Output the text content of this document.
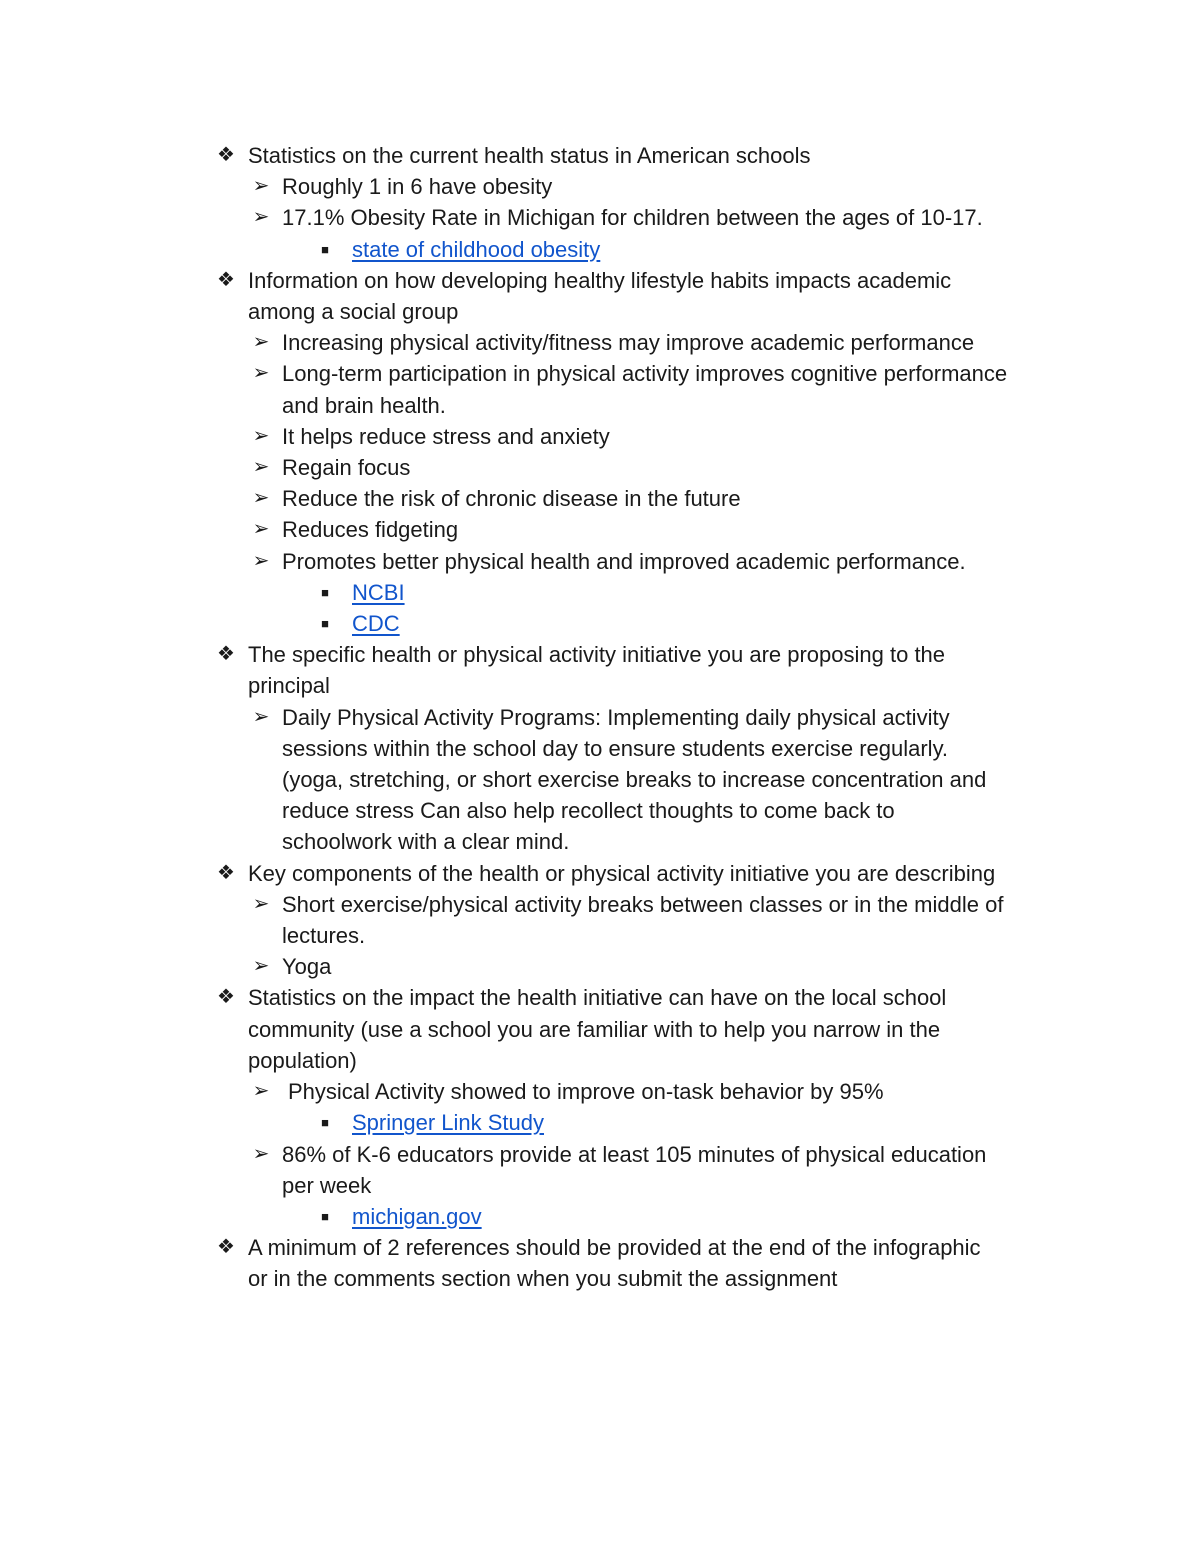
❖ Statistics on the current health status in American schools
➢ Roughly 1 in 6 have obesity
➢ 17.1% Obesity Rate in Michigan for children between the ages of 10-17.
■ state of childhood obesity
❖ Information on how developing healthy lifestyle habits impacts academic
among a social group
➢ Increasing physical activity/fitness may improve academic performance
➢ Long-term participation in physical activity improves cognitive performance
and brain health.
➢ It helps reduce stress and anxiety
➢ Regain focus
➢ Reduce the risk of chronic disease in the future
➢ Reduces fidgeting
➢ Promotes better physical health and improved academic performance.
■ NCBI
■ CDC
❖ The specific health or physical activity initiative you are proposing to the
principal
➢ Daily Physical Activity Programs: Implementing daily physical activity
sessions within the school day to ensure students exercise regularly.
(yoga, stretching, or short exercise breaks to increase concentration and
reduce stress Can also help recollect thoughts to come back to
schoolwork with a clear mind.
❖ Key components of the health or physical activity initiative you are describing
➢ Short exercise/physical activity breaks between classes or in the middle of
lectures.
➢ Yoga
❖ Statistics on the impact the health initiative can have on the local school
community (use a school you are familiar with to help you narrow in the
population)
➢ Physical Activity showed to improve on-task behavior by 95%
■ Springer Link Study
➢ 86% of K-6 educators provide at least 105 minutes of physical education
per week
■ michigan.gov
❖ A minimum of 2 references should be provided at the end of the infographic
or in the comments section when you submit the assignment
